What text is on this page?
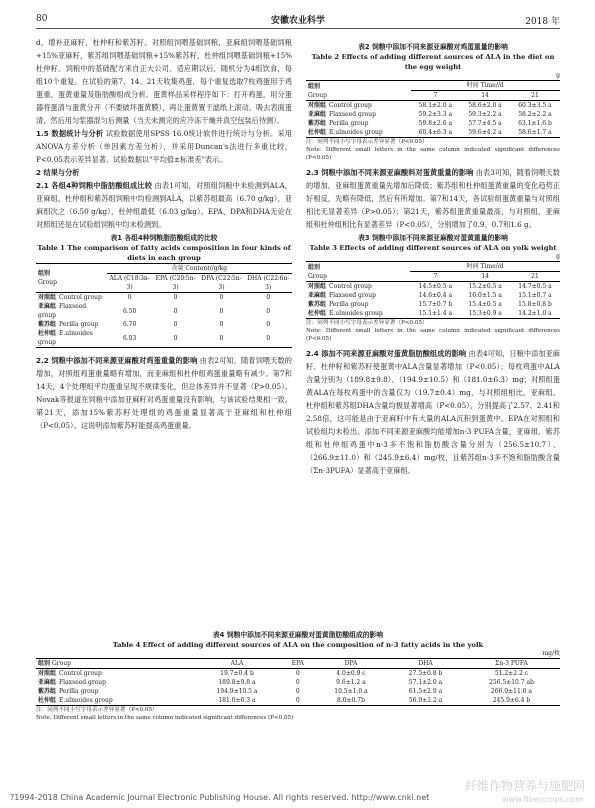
80	安徽农业科学	2018 年

d，增补亚麻籽、杜仲籽和紫苏籽。对照组饲喂基础饲粮，亚麻组饲喂基础饲粮+15%亚麻籽，紫苏组饲喂基础饲粮+15%紫苏籽，杜仲组饲喂基础饲粮+15%杜仲籽。饲粮中的基础配方来自正大公司。适应期以后，随机分为4组饮食，每组10个重复。在试验的第7、14、21天收集鸡蛋，每个重复选取7枚鸡蛋用于鸡蛋重、蛋黄重量及脂肪酸组成分析。蛋黄样品采样程序如下：打开鸡蛋，用分蛋器将蛋清与蛋黄分开（不要破坏蛋黄膜），再让蛋黄置于滤纸上滚动，吸去表面蛋清，然后用匀浆器混匀后测量（当天未测完的应冷冻干燥并真空包装后待测）。

1.5 数据统计与分析 试验数据使用SPSS 16.0统计软件进行统计与分析。采用ANOVA方差分析（单因素方差分析），并采用Duncan's法进行多重比较，P<0.05表示差异显著。试验数据以"平均值±标准差"表示。

2 结果与分析

2.1 各组4种饲粮中脂肪酸组成比较 由表1可知，对照组饲粮中未检测到ALA，亚麻组、杜仲组和紫苏组饲粮中均检测到ALA，以紫苏组最高（6.70 g/kg），亚麻组次之（6.50 g/kg），杜仲组最低（6.03 g/kg）。EPA、DPA和DHA无论在对照组还是在试验组饲粮中均未检测到。

表1 各组4种饲粮脂肪酸组成的比较
Table 1 The comparison of fatty acids composition in four kinds of diets in each group
组别
Group	含量 Content//g/kg			
	ALA (C18∶3n-3)	EPA (C20∶5n-3)	DPA (C22∶5n-3)	DHA (C22∶6n-3)
对照组 Control group	0	0	0	0
亚麻组 Flaxseed group	6.50	0	0	0
紫苏组 Perilla group	6.70	0	0	0
杜仲组 E.ulmoides group	6.03	0	0	0

2.2 饲粮中添加不同来源亚麻酸对鸡蛋重量的影响 由表2可知，随着饲喂天数的增加，对照组鸡蛋重量略有增加，而亚麻组和杜仲组鸡蛋重量略有减少。第7和14天，4个处理组平均蛋重呈现不规律变化，但总体差异并不显著（P>0.05）。Novak等报道在饲粮中添加亚麻籽对鸡蛋重量没有影响，与该试验结果相一致。第21天，添加15%紫苏籽处理组的鸡蛋重量显著高于亚麻组和杜仲组（P<0.05）。这说明添加紫苏籽能提高鸡蛋重量。

表2 饲粮中添加不同来源亚麻酸对鸡蛋重量的影响
Table 2 Effects of adding different sources of ALA in the diet on the egg weight
g
组别
Group	时间 Time//d		
	7	14	21
对照组 Control group	58.1±2.0 a	58.6±2.0 a	60.3±3.5 a
亚麻组 Flaxseed group	59.2±3.3 a	59.3±2.2 a	58.2±2.2 a
紫苏组 Perilla group	59.8±2.6 a	57.7±4.5 a	63.1±1.6 b
杜仲组 E.ulmoides group	60.4±6.3 a	59.6±4.2 a	58.6±1.7 a
注：同列不同小写字母表示差异显著（P<0.05）
Note: Different small letters in the same column indicated significant differences (P<0.05)

2.3 饲粮中添加不同来源亚麻酸料对蛋黄重量的影响 由表3可知，随着饲喂天数的增加，亚麻组蛋黄重量先增加后降低；紫苏组和杜仲组蛋黄重量的变化趋势正好相反，先略有降低，然后有所增加。第7和14天，各试验组蛋黄重量与对照组相比无显著差异（P>0.05）；第21天，紫苏组蛋黄重量最高，与对照组、亚麻组和杜仲组相比有显著差异（P<0.05），分别增加了0.9、0.7和1.6 g。

表3 饲粮中添加不同来源亚麻酸对蛋黄重量的影响
Table 3 Effects of adding different sources of ALA on yolk weight
g
组别
Group	时间 Time//d		
	7	14	21
对照组 Control group	14.5±0.5 a	15.2±0.5 a	14.7±0.5 a
亚麻组 Flaxseed group	14.6±0.4 a	16.0±1.5 a	15.1±0.7 a
紫苏组 Perilla group	15.7±0.7 b	15.4±0.5 a	15.8±0.8 b
杜仲组 E.ulmoides group	15.1±1.4 a	15.3±0.9 a	14.2±1.0 a
注：同列不同小写字母表示差异显著（P<0.05）
Note: Different small letters in the same column indicated significant differences (P<0.05)

2.4 添加不同来源亚麻酸对蛋黄脂肪酸组成的影响 由表4可知，日粮中添加亚麻籽、杜仲籽和紫苏籽使蛋黄中ALA含量显著增加（P<0.05）；每枚鸡蛋中ALA含量分别为（189.8±9.8）、（194.9±10.5）和（181.0±6.3）mg；对照组蛋黄ALA在每枚鸡蛋中的含量仅为（19.7±0.4）mg，与对照组相比，亚麻组、杜仲组和紫苏组DHA含量均极显著增高（P<0.05），分别提高了2.57、2.41和2.58倍，这可能是由于亚麻籽中有大量的ALA沉积到蛋黄中。EPA在对照组和试验组均未检出。添加不同来源亚麻酸均能增加n-3 PUFA含量，亚麻组、紫苏组和杜仲组鸡蛋中n-3多不饱和脂肪酸含量分别为（256.5±10.7）、（266.9±11.0）和（245.9±6.4）mg/枚，且紫苏组n-3多不饱和脂肪酸含量（Σn-3PUFA）显著高于亚麻组。

表4 饲粮中添加不同来源亚麻酸对蛋黄脂肪酸组成的影响
Table 4 Effect of adding different sources of ALA on the composition of n-3 fatty acids in the yolk
mg/枚
组别 Group	ALA	EPA	DPA	DHA	Σn-3 PUFA
对照组 Control group	19.7±0.4 b	0	4.0±0.9 c	27.5±0.8 b	51.2±2.2 c
亚麻组 Flaxseed group	189.8±9.8 a	0	9.6±1.2 a	57.1±2.0 a	256.5±10.7 ab
紫苏组 Perilla group	194.9±10.5 a	0	10.5±1.0 a	61.5±2.9 a	266.9±11.0 a
杜仲组 E.ulmoides group	181.0±6.3 a	0	8.0±0.7b	56.9±2.2 a	245.9±6.4 b
注：同列不同小写字母表示差异显著（P<0.05）
Note: Different small letters in the same column indicated significant differences (P<0.05)
?1994-2018 China Academic Journal Electronic Publishing House. All rights reserved. http://www.cnki.net
纤维作物营养与施肥网
www.fibercrops.com
